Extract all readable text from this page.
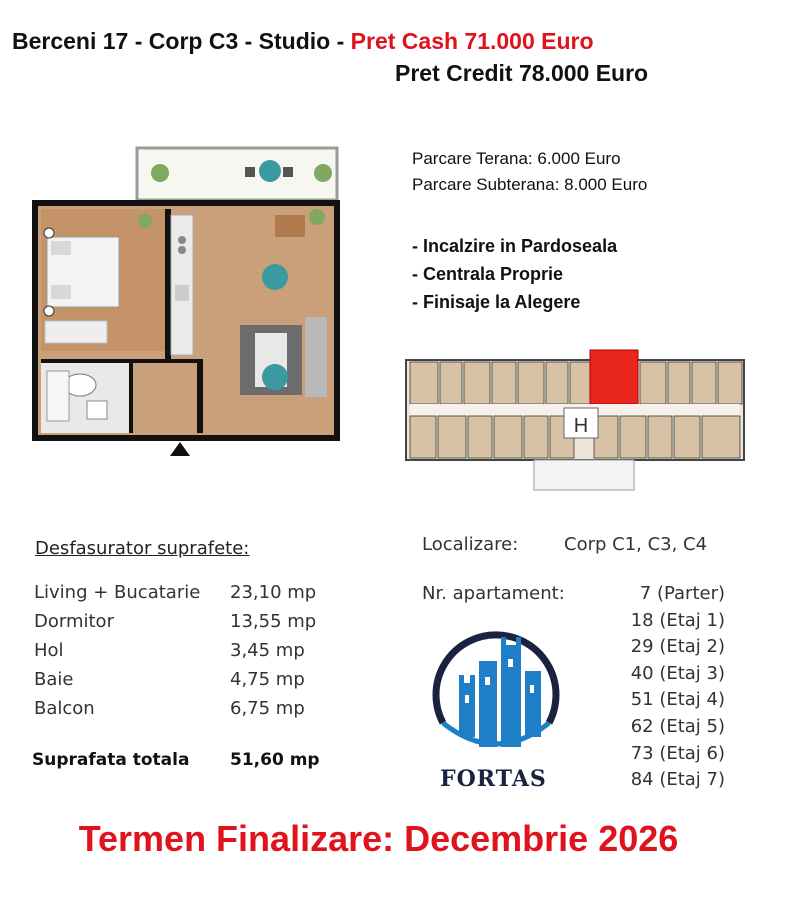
Berceni 17 - Corp C3 - Studio - Pret Cash 71.000 Euro
Pret Credit 78.000 Euro
Parcare Terana: 6.000 Euro
Parcare Subterana: 8.000 Euro
- Incalzire in Pardoseala
- Centrala Proprie
- Finisaje la Alegere
H
Desfasurator suprafete:
Living + Bucatarie 23,10 mp
Dormitor	13,55 mp
Hol	3,45 mp
Baie	4,75 mp
Balcon	6,75 mp
Suprafata totala 51,60 mp
Localizare:	Corp C1, C3, C4
Nr. apartament:	7 (Parter)
18 (Etaj 1)
29 (Etaj 2)
40 (Etaj 3)
51 (Etaj 4)
62 (Etaj 5)
73 (Etaj 6)
84 (Etaj 7)
FORTAS
Termen Finalizare: Decembrie 2026
